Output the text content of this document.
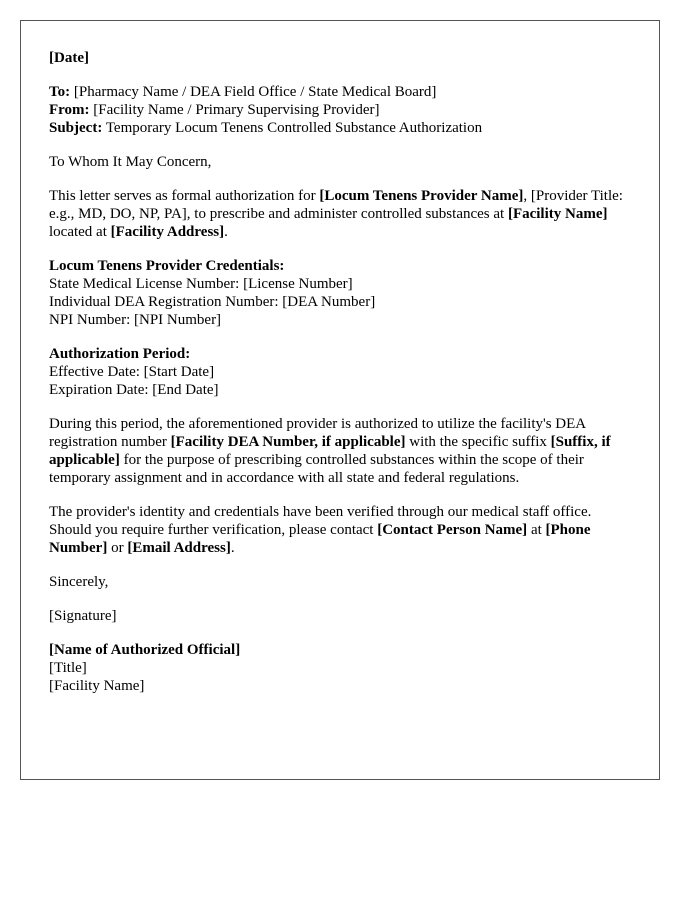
[Date]
To: [Pharmacy Name / DEA Field Office / State Medical Board]
From: [Facility Name / Primary Supervising Provider]
Subject: Temporary Locum Tenens Controlled Substance Authorization
To Whom It May Concern,
This letter serves as formal authorization for [Locum Tenens Provider Name], [Provider Title: e.g., MD, DO, NP, PA], to prescribe and administer controlled substances at [Facility Name] located at [Facility Address].
Locum Tenens Provider Credentials:
State Medical License Number: [License Number]
Individual DEA Registration Number: [DEA Number]
NPI Number: [NPI Number]
Authorization Period:
Effective Date: [Start Date]
Expiration Date: [End Date]
During this period, the aforementioned provider is authorized to utilize the facility's DEA registration number [Facility DEA Number, if applicable] with the specific suffix [Suffix, if applicable] for the purpose of prescribing controlled substances within the scope of their temporary assignment and in accordance with all state and federal regulations.
The provider's identity and credentials have been verified through our medical staff office. Should you require further verification, please contact [Contact Person Name] at [Phone Number] or [Email Address].
Sincerely,
[Signature]
[Name of Authorized Official]
[Title]
[Facility Name]
